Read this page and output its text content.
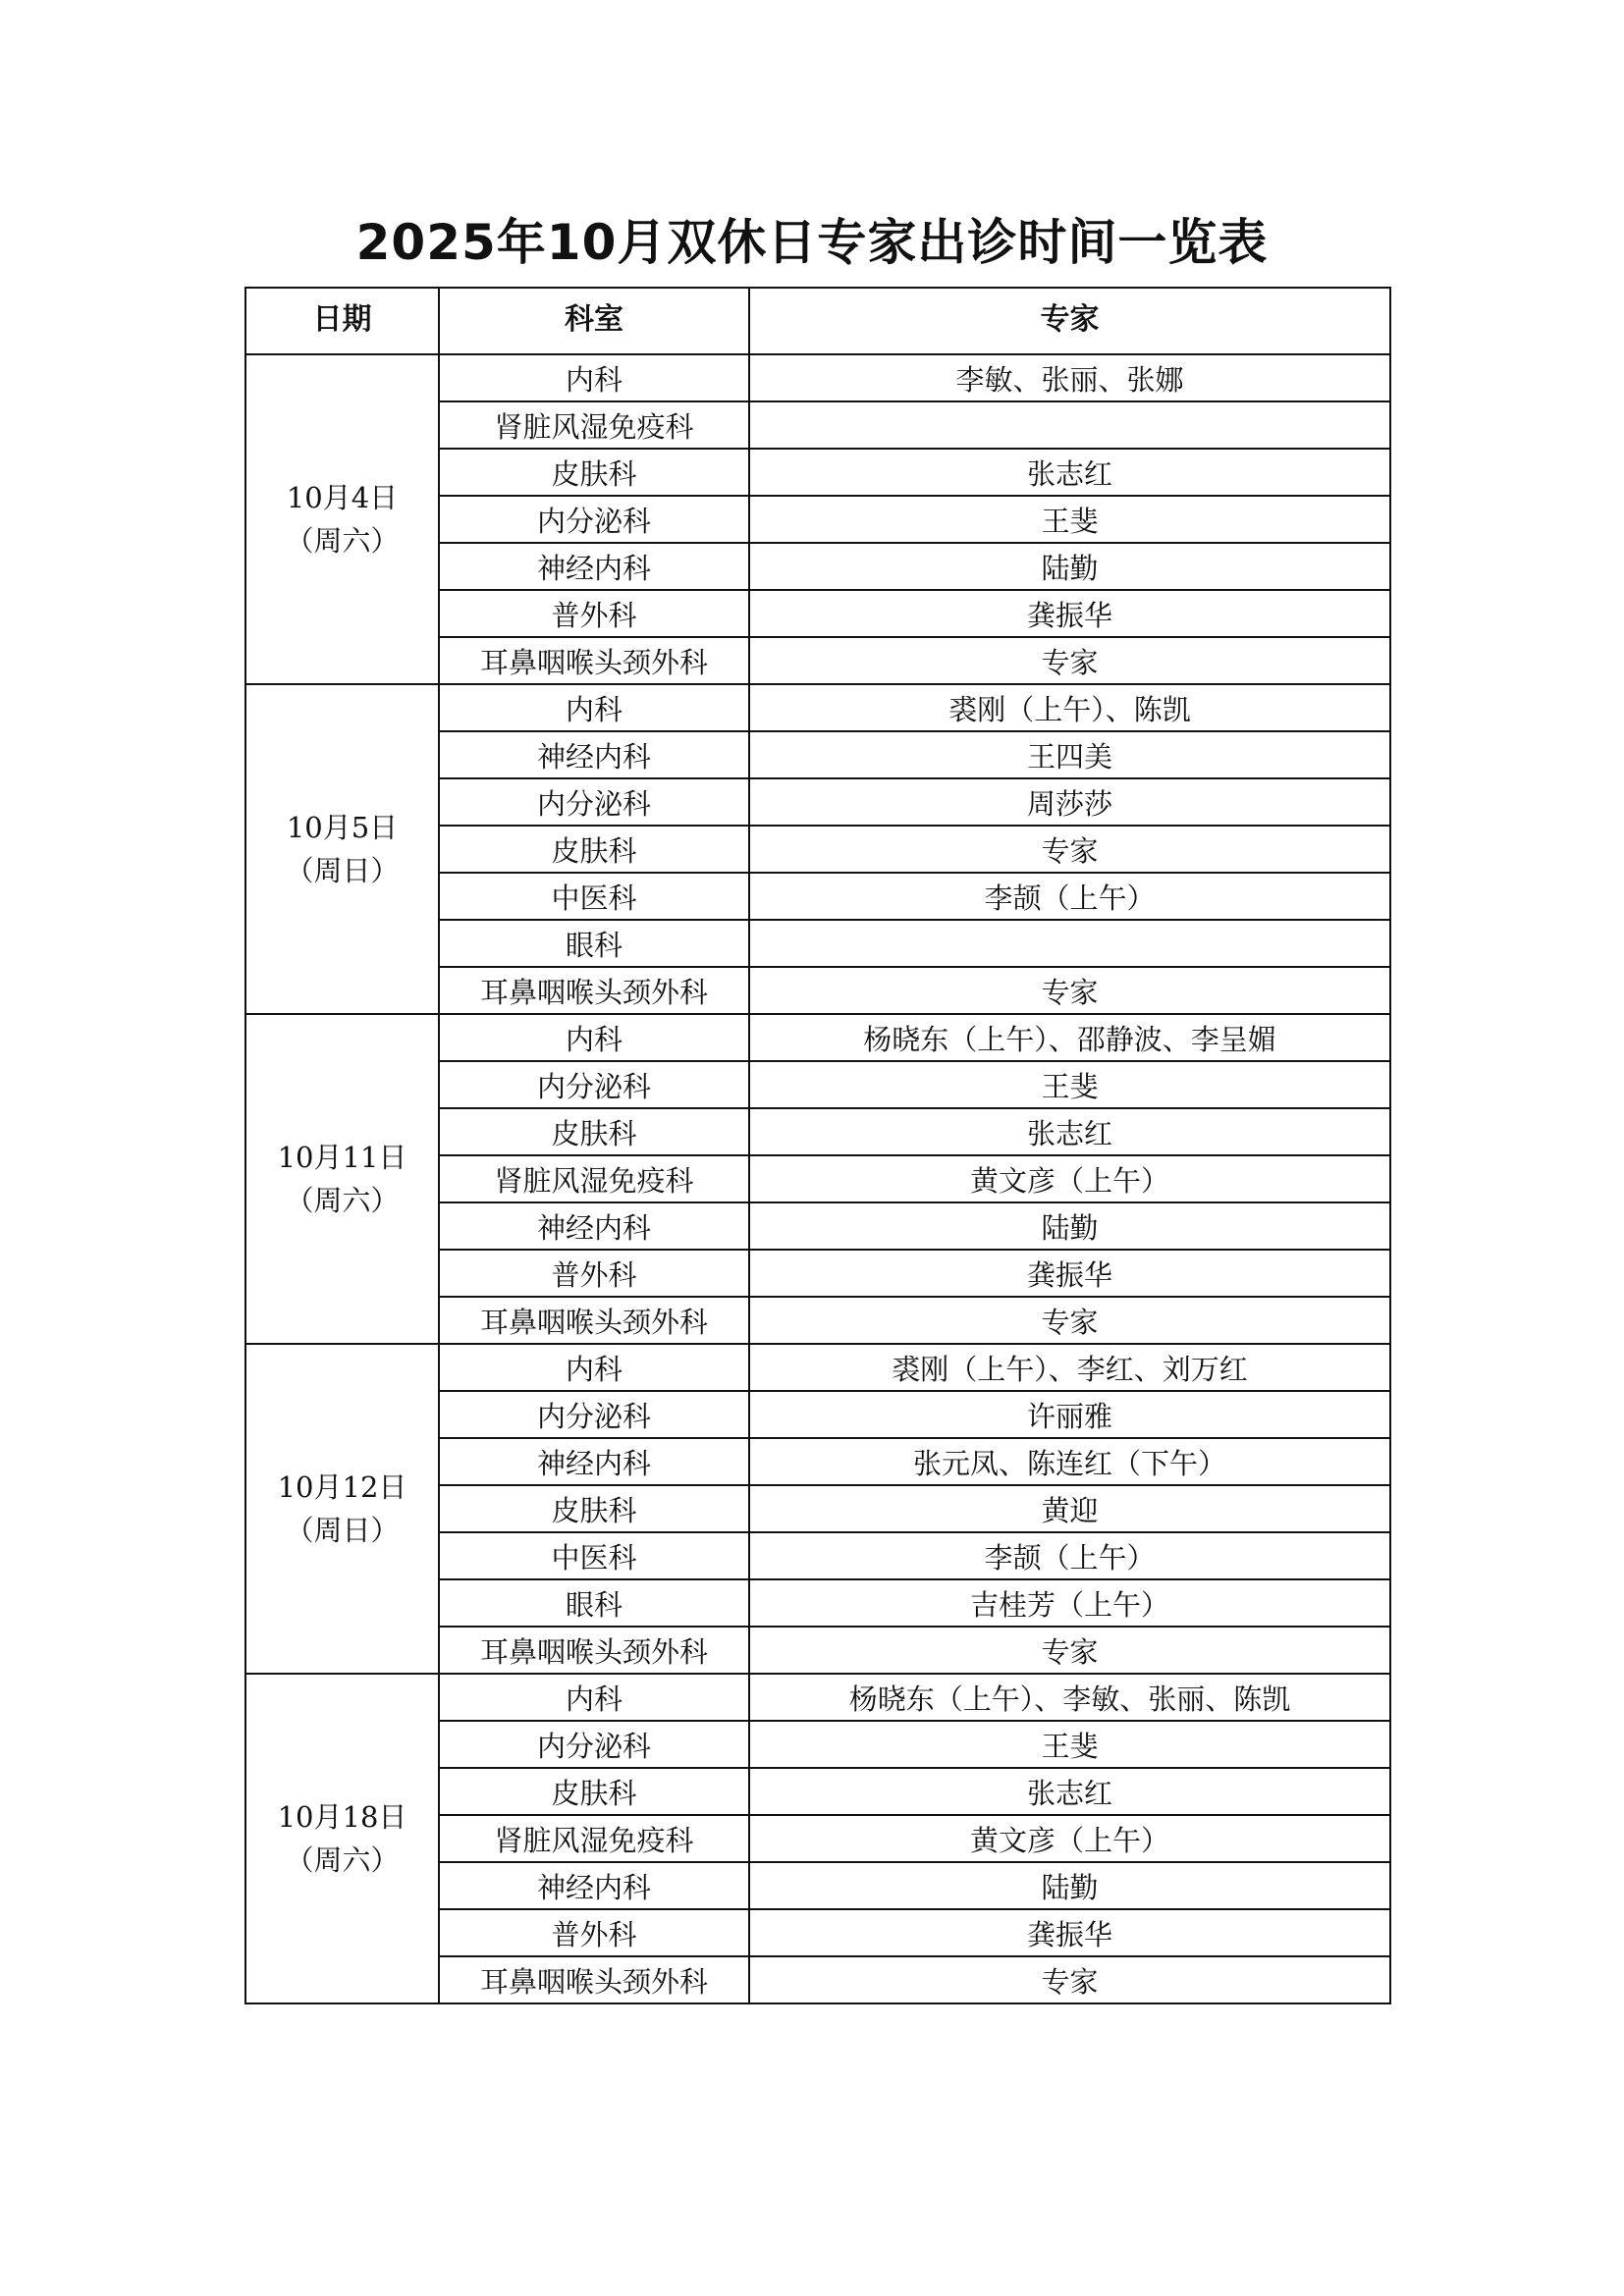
2025年10月双休日专家出诊时间一览表
日期	科室	专家

10月4日
（周六）	内科	李敏、张丽、张娜
	肾脏风湿免疫科	
	皮肤科	张志红
	内分泌科	王斐
	神经内科	陆勤
	普外科	龚振华
	耳鼻咽喉头颈外科	专家

10月5日
（周日）	内科	裘刚（上午）、陈凯
	神经内科	王四美
	内分泌科	周莎莎
	皮肤科	专家
	中医科	李颉（上午）
	眼科	
	耳鼻咽喉头颈外科	专家

10月11日
（周六）	内科	杨晓东（上午）、邵静波、李呈媚
	内分泌科	王斐
	皮肤科	张志红
	肾脏风湿免疫科	黄文彦（上午）
	神经内科	陆勤
	普外科	龚振华
	耳鼻咽喉头颈外科	专家

10月12日
（周日）	内科	裘刚（上午）、李红、刘万红
	内分泌科	许丽雅
	神经内科	张元凤、陈连红（下午）
	皮肤科	黄迎
	中医科	李颉（上午）
	眼科	吉桂芳（上午）
	耳鼻咽喉头颈外科	专家

10月18日
（周六）	内科	杨晓东（上午）、李敏、张丽、陈凯
	内分泌科	王斐
	皮肤科	张志红
	肾脏风湿免疫科	黄文彦（上午）
	神经内科	陆勤
	普外科	龚振华
	耳鼻咽喉头颈外科	专家
